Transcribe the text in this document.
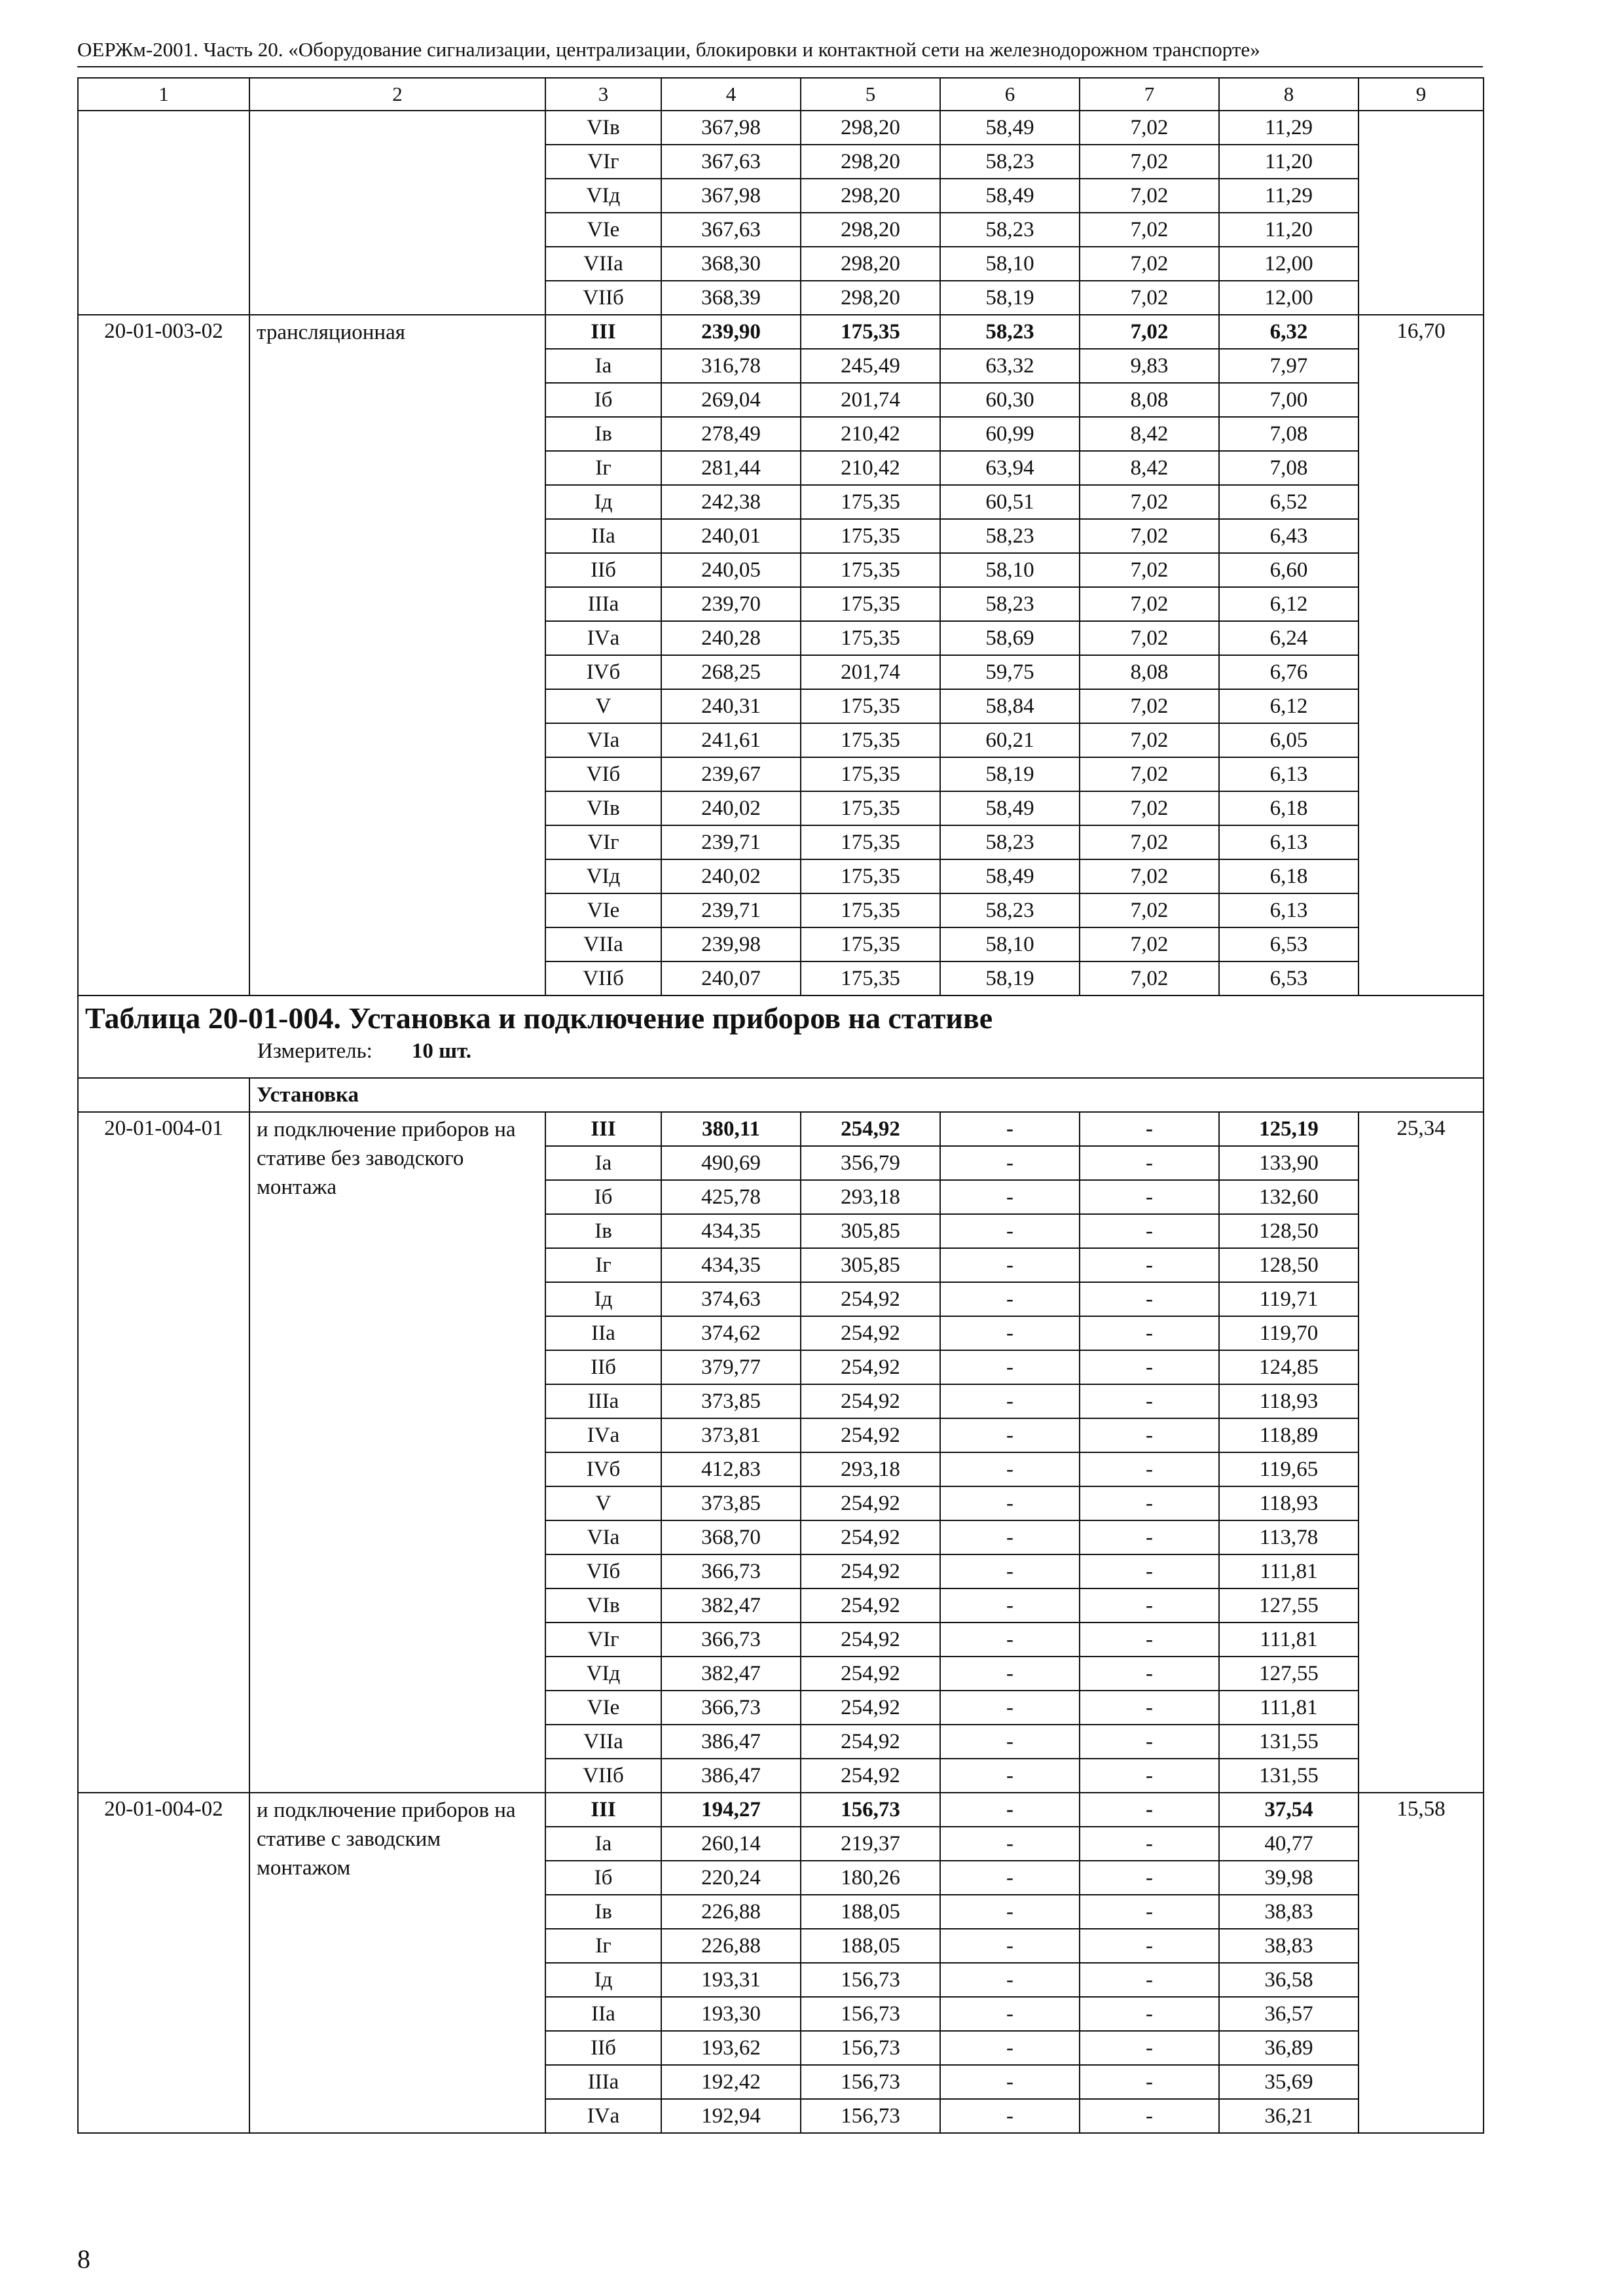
ОЕРЖм-2001. Часть 20. «Оборудование сигнализации, централизации, блокировки и контактной сети на железнодорожном транспорте»
1	2	3	4	5	6	7	8	9
		VIв	367,98	298,20	58,49	7,02	11,29	
		VIг	367,63	298,20	58,23	7,02	11,20	
		VIд	367,98	298,20	58,49	7,02	11,29	
		VIе	367,63	298,20	58,23	7,02	11,20	
		VIIа	368,30	298,20	58,10	7,02	12,00	
		VIIб	368,39	298,20	58,19	7,02	12,00	
20-01-003-02	трансляционная	III	239,90	175,35	58,23	7,02	6,32	16,70
		Iа	316,78	245,49	63,32	9,83	7,97	
		Iб	269,04	201,74	60,30	8,08	7,00	
		Iв	278,49	210,42	60,99	8,42	7,08	
		Iг	281,44	210,42	63,94	8,42	7,08	
		Iд	242,38	175,35	60,51	7,02	6,52	
		IIа	240,01	175,35	58,23	7,02	6,43	
		IIб	240,05	175,35	58,10	7,02	6,60	
		IIIа	239,70	175,35	58,23	7,02	6,12	
		IVа	240,28	175,35	58,69	7,02	6,24	
		IVб	268,25	201,74	59,75	8,08	6,76	
		V	240,31	175,35	58,84	7,02	6,12	
		VIа	241,61	175,35	60,21	7,02	6,05	
		VIб	239,67	175,35	58,19	7,02	6,13	
		VIв	240,02	175,35	58,49	7,02	6,18	
		VIг	239,71	175,35	58,23	7,02	6,13	
		VIд	240,02	175,35	58,49	7,02	6,18	
		VIе	239,71	175,35	58,23	7,02	6,13	
		VIIа	239,98	175,35	58,10	7,02	6,53	
		VIIб	240,07	175,35	58,19	7,02	6,53	

Таблица 20-01-004. Установка и подключение приборов на стативе
Измеритель: 10 шт.								

	Установка							
20-01-004-01	и подключение приборов на стативе без заводского монтажа	III	380,11	254,92	-	-	125,19	25,34
		Iа	490,69	356,79	-	-	133,90	
		Iб	425,78	293,18	-	-	132,60	
		Iв	434,35	305,85	-	-	128,50	
		Iг	434,35	305,85	-	-	128,50	
		Iд	374,63	254,92	-	-	119,71	
		IIа	374,62	254,92	-	-	119,70	
		IIб	379,77	254,92	-	-	124,85	
		IIIа	373,85	254,92	-	-	118,93	
		IVа	373,81	254,92	-	-	118,89	
		IVб	412,83	293,18	-	-	119,65	
		V	373,85	254,92	-	-	118,93	
		VIа	368,70	254,92	-	-	113,78	
		VIб	366,73	254,92	-	-	111,81	
		VIв	382,47	254,92	-	-	127,55	
		VIг	366,73	254,92	-	-	111,81	
		VIд	382,47	254,92	-	-	127,55	
		VIе	366,73	254,92	-	-	111,81	
		VIIа	386,47	254,92	-	-	131,55	
		VIIб	386,47	254,92	-	-	131,55	
20-01-004-02	и подключение приборов на стативе с заводским монтажом	III	194,27	156,73	-	-	37,54	15,58
		Iа	260,14	219,37	-	-	40,77	
		Iб	220,24	180,26	-	-	39,98	
		Iв	226,88	188,05	-	-	38,83	
		Iг	226,88	188,05	-	-	38,83	
		Iд	193,31	156,73	-	-	36,58	
		IIа	193,30	156,73	-	-	36,57	
		IIб	193,62	156,73	-	-	36,89	
		IIIа	192,42	156,73	-	-	35,69	
		IVа	192,94	156,73	-	-	36,21	
8
